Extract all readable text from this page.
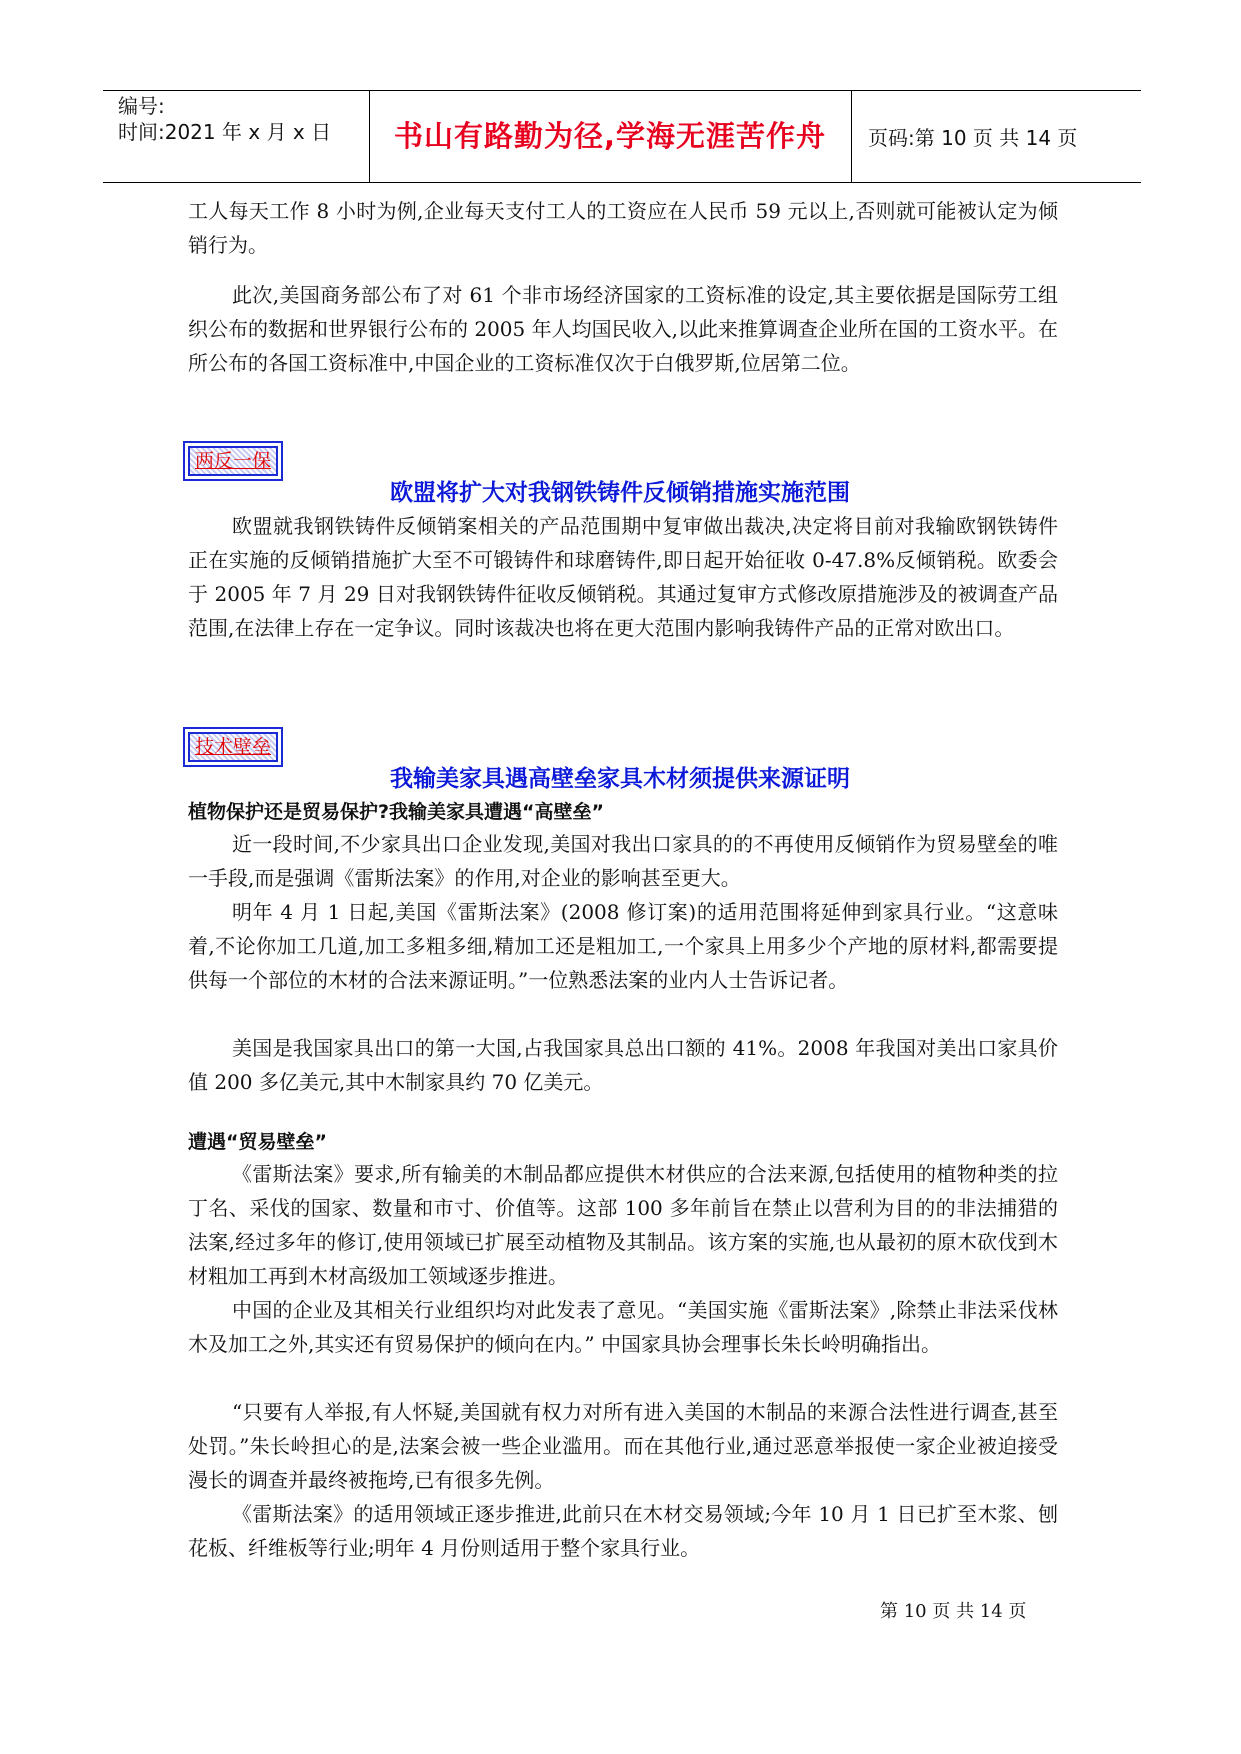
编号:
时间:2021 年 x 月 x 日	书山有路勤为径,学海无涯苦作舟	页码:第 10 页 共 14 页

工人每天工作 8 小时为例,企业每天支付工人的工资应在人民币 59 元以上,否则就可能被认定为倾销行为。

此次,美国商务部公布了对 61 个非市场经济国家的工资标准的设定,其主要依据是国际劳工组织公布的数据和世界银行公布的 2005 年人均国民收入,以此来推算调查企业所在国的工资水平。在所公布的各国工资标准中,中国企业的工资标准仅次于白俄罗斯,位居第二位。

两反一保
欧盟将扩大对我钢铁铸件反倾销措施实施范围

欧盟就我钢铁铸件反倾销案相关的产品范围期中复审做出裁决,决定将目前对我输欧钢铁铸件正在实施的反倾销措施扩大至不可锻铸件和球磨铸件,即日起开始征收 0-47.8%反倾销税。欧委会于 2005 年 7 月 29 日对我钢铁铸件征收反倾销税。其通过复审方式修改原措施涉及的被调查产品范围,在法律上存在一定争议。同时该裁决也将在更大范围内影响我铸件产品的正常对欧出口。

技术壁垒
我输美家具遇高壁垒家具木材须提供来源证明
植物保护还是贸易保护?我输美家具遭遇“高壁垒”

近一段时间,不少家具出口企业发现,美国对我出口家具的的不再使用反倾销作为贸易壁垒的唯一手段,而是强调《雷斯法案》的作用,对企业的影响甚至更大。

明年 4 月 1 日起,美国《雷斯法案》(2008 修订案)的适用范围将延伸到家具行业。“这意味着,不论你加工几道,加工多粗多细,精加工还是粗加工,一个家具上用多少个产地的原材料,都需要提供每一个部位的木材的合法来源证明。”一位熟悉法案的业内人士告诉记者。

美国是我国家具出口的第一大国,占我国家具总出口额的 41%。2008 年我国对美出口家具价值 200 多亿美元,其中木制家具约 70 亿美元。

遭遇“贸易壁垒”

《雷斯法案》要求,所有输美的木制品都应提供木材供应的合法来源,包括使用的植物种类的拉丁名、采伐的国家、数量和市寸、价值等。这部 100 多年前旨在禁止以营利为目的的非法捕猎的法案,经过多年的修订,使用领域已扩展至动植物及其制品。该方案的实施,也从最初的原木砍伐到木材粗加工再到木材高级加工领域逐步推进。

中国的企业及其相关行业组织均对此发表了意见。“美国实施《雷斯法案》,除禁止非法采伐林木及加工之外,其实还有贸易保护的倾向在内。” 中国家具协会理事长朱长岭明确指出。

“只要有人举报,有人怀疑,美国就有权力对所有进入美国的木制品的来源合法性进行调查,甚至处罚。”朱长岭担心的是,法案会被一些企业滥用。而在其他行业,通过恶意举报使一家企业被迫接受漫长的调查并最终被拖垮,已有很多先例。

《雷斯法案》的适用领域正逐步推进,此前只在木材交易领域;今年 10 月 1 日已扩至木浆、刨花板、纤维板等行业;明年 4 月份则适用于整个家具行业。

第 10 页 共 14 页
